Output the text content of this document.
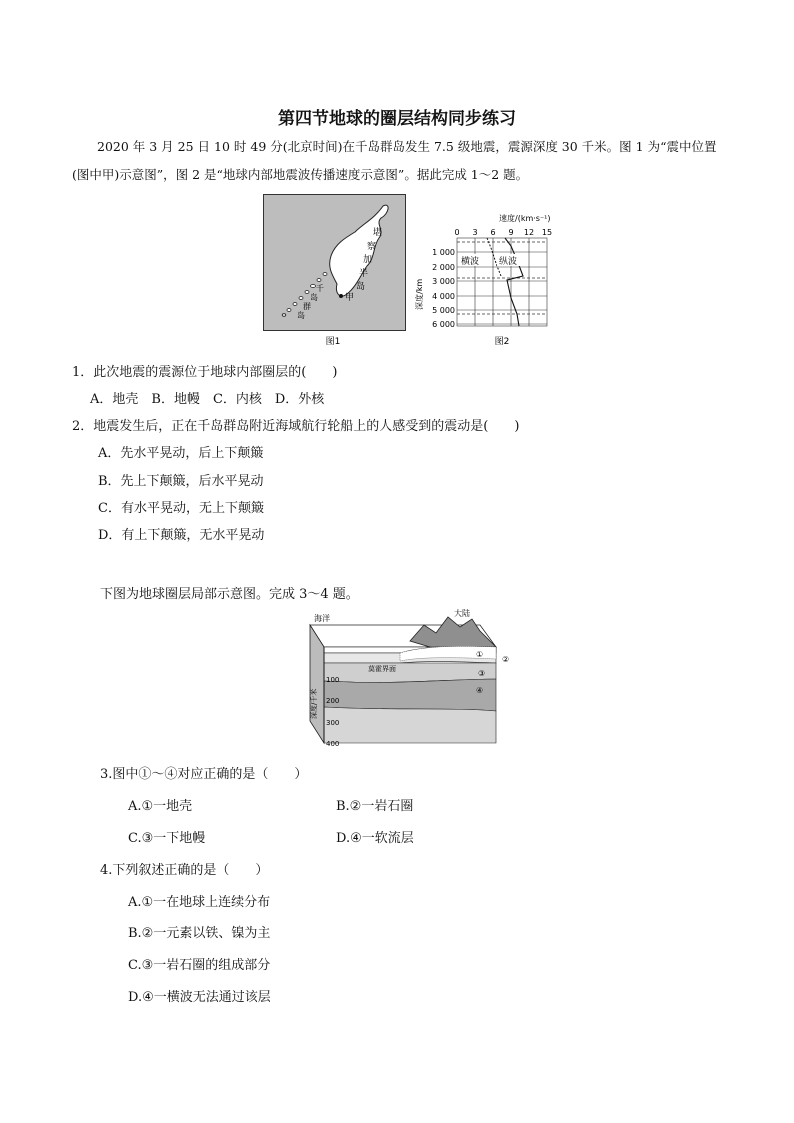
第四节地球的圈层结构同步练习
2020 年 3 月 25 日 10 时 49 分(北京时间)在千岛群岛发生 7.5 级地震，震源深度 30 千米。图 1 为“震中位置(图中甲)示意图”，图 2 是“地球内部地震波传播速度示意图”。据此完成 1～2 题。
堪
察
加
半
岛
千
岛
群
岛
甲
图1
速度/(km·s⁻¹)
0 3 6 9 12 15
1 000
2 000
3 000
4 000
5 000
6 000
深度/km
横波 纵波
图2
1．此次地震的震源位于地球内部圈层的(　　)
A．地壳　B．地幔　C．内核　D．外核
2．地震发生后，正在千岛群岛附近海域航行轮船上的人感受到的震动是(　　)
A．先水平晃动，后上下颠簸
B．先上下颠簸，后水平晃动
C．有水平晃动，无上下颠簸
D．有上下颠簸，无水平晃动
下图为地球圈层局部示意图。完成 3～4 题。
100
200
300
400
深度/千米
海洋
大陆
莫霍界面
①
②
③
④
3.图中①～④对应正确的是（　　）
A.①一地壳	B.②一岩石圈
C.③一下地幔	D.④一软流层
4.下列叙述正确的是（　　）
A.①一在地球上连续分布
B.②一元素以铁、镍为主
C.③一岩石圈的组成部分
D.④一横波无法通过该层
